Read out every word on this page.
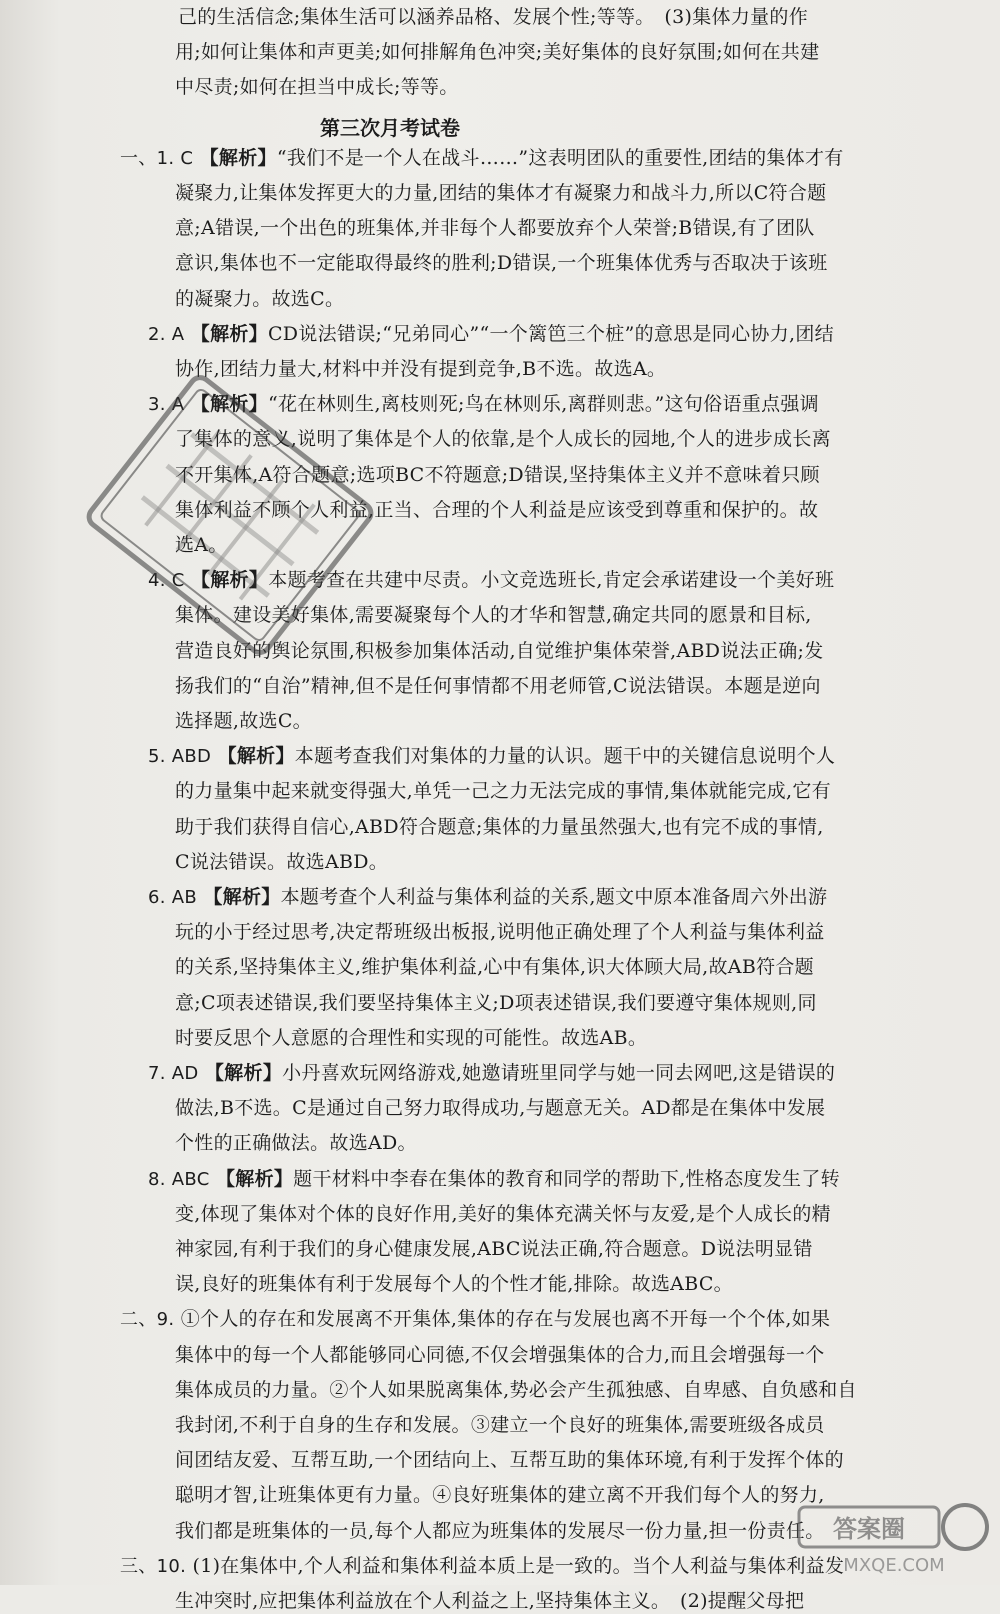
己的生活信念;集体生活可以涵养品格、发展个性;等等。　(3)集体力量的作
用;如何让集体和声更美;如何排解角色冲突;美好集体的良好氛围;如何在共建
中尽责;如何在担当中成长;等等。
第三次月考试卷
一、1. C 【解析】“我们不是一个人在战斗……”这表明团队的重要性,团结的集体才有
凝聚力,让集体发挥更大的力量,团结的集体才有凝聚力和战斗力,所以C符合题
意;A错误,一个出色的班集体,并非每个人都要放弃个人荣誉;B错误,有了团队
意识,集体也不一定能取得最终的胜利;D错误,一个班集体优秀与否取决于该班
的凝聚力。故选C。
2. A 【解析】CD说法错误;“兄弟同心”“一个篱笆三个桩”的意思是同心协力,团结
协作,团结力量大,材料中并没有提到竞争,B不选。故选A。
3. A 【解析】“花在林则生,离枝则死;鸟在林则乐,离群则悲。”这句俗语重点强调
了集体的意义,说明了集体是个人的依靠,是个人成长的园地,个人的进步成长离
不开集体,A符合题意;选项BC不符题意;D错误,坚持集体主义并不意味着只顾
集体利益不顾个人利益,正当、合理的个人利益是应该受到尊重和保护的。故
选A。
4. C 【解析】本题考查在共建中尽责。小文竞选班长,肯定会承诺建设一个美好班
集体。建设美好集体,需要凝聚每个人的才华和智慧,确定共同的愿景和目标,
营造良好的舆论氛围,积极参加集体活动,自觉维护集体荣誉,ABD说法正确;发
扬我们的“自治”精神,但不是任何事情都不用老师管,C说法错误。本题是逆向
选择题,故选C。
5. ABD 【解析】本题考查我们对集体的力量的认识。题干中的关键信息说明个人
的力量集中起来就变得强大,单凭一己之力无法完成的事情,集体就能完成,它有
助于我们获得自信心,ABD符合题意;集体的力量虽然强大,也有完不成的事情,
C说法错误。故选ABD。
6. AB 【解析】本题考查个人利益与集体利益的关系,题文中原本准备周六外出游
玩的小于经过思考,决定帮班级出板报,说明他正确处理了个人利益与集体利益
的关系,坚持集体主义,维护集体利益,心中有集体,识大体顾大局,故AB符合题
意;C项表述错误,我们要坚持集体主义;D项表述错误,我们要遵守集体规则,同
时要反思个人意愿的合理性和实现的可能性。故选AB。
7. AD 【解析】小丹喜欢玩网络游戏,她邀请班里同学与她一同去网吧,这是错误的
做法,B不选。C是通过自己努力取得成功,与题意无关。AD都是在集体中发展
个性的正确做法。故选AD。
8. ABC 【解析】题干材料中李春在集体的教育和同学的帮助下,性格态度发生了转
变,体现了集体对个体的良好作用,美好的集体充满关怀与友爱,是个人成长的精
神家园,有利于我们的身心健康发展,ABC说法正确,符合题意。D说法明显错
误,良好的班集体有利于发展每个人的个性才能,排除。故选ABC。
二、9. ①个人的存在和发展离不开集体,集体的存在与发展也离不开每一个个体,如果
集体中的每一个人都能够同心同德,不仅会增强集体的合力,而且会增强每一个
集体成员的力量。②个人如果脱离集体,势必会产生孤独感、自卑感、自负感和自
我封闭,不利于自身的生存和发展。③建立一个良好的班集体,需要班级各成员
间团结友爱、互帮互助,一个团结向上、互帮互助的集体环境,有利于发挥个体的
聪明才智,让班集体更有力量。④良好班集体的建立离不开我们每个人的努力,
我们都是班集体的一员,每个人都应为班集体的发展尽一份力量,担一份责任。
三、10. (1)在集体中,个人利益和集体利益本质上是一致的。当个人利益与集体利益发
生冲突时,应把集体利益放在个人利益之上,坚持集体主义。　(2)提醒父母把
MXQE.COM
答案圈
